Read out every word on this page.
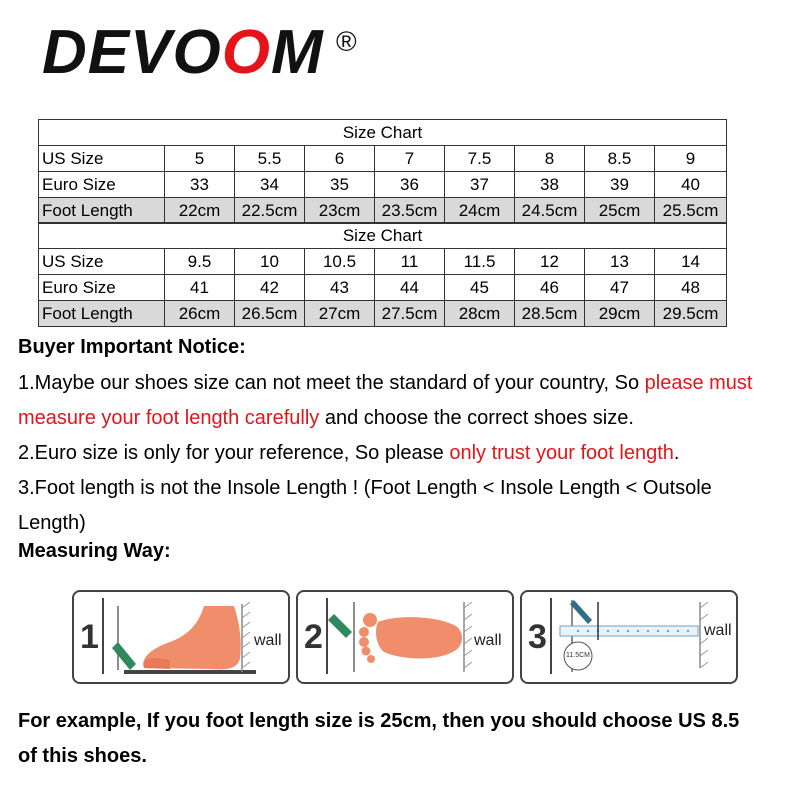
DEVOOM ®
Size Chart								
US Size	5	5.5	6	7	7.5	8	8.5	9
Euro Size	33	34	35	36	37	38	39	40
Foot Length	22cm	22.5cm	23cm	23.5cm	24cm	24.5cm	25cm	25.5cm
Size Chart								
US Size	9.5	10	10.5	11	11.5	12	13	14
Euro Size	41	42	43	44	45	46	47	48
Foot Length	26cm	26.5cm	27cm	27.5cm	28cm	28.5cm	29cm	29.5cm
Buyer Important Notice:

1.Maybe our shoes size can not meet the standard of your country, So please must

measure your foot length carefully and choose the correct shoes size.

2.Euro size is only for your reference, So please only trust your foot length.

3.Foot length is not the Insole Length ! (Foot Length < Insole Length < Outsole

Length)

Measuring Way:
1	wall 2	wall 3	wall
11.5CM
For example, If you foot length size is 25cm, then you should choose US 8.5
of this shoes.
